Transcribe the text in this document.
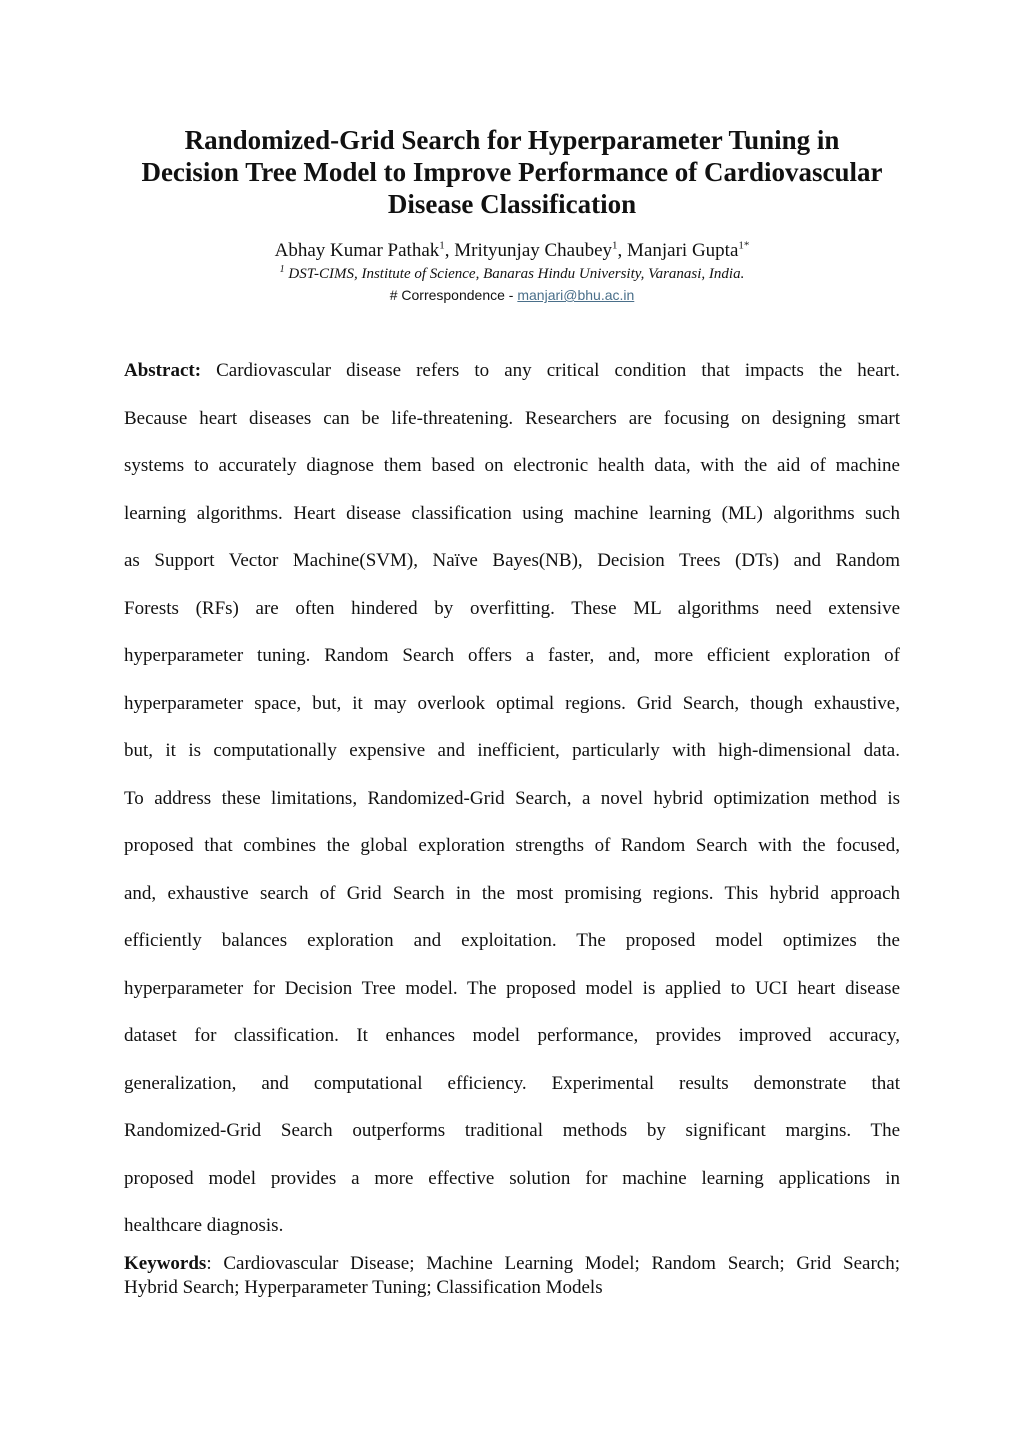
Randomized-Grid Search for Hyperparameter Tuning in
Decision Tree Model to Improve Performance of Cardiovascular
Disease Classification
Abhay Kumar Pathak$^1$, Mrityunjay Chaubey$^1$, Manjari Gupta$^{1*}$
$^1$ DST-CIMS, Institute of Science, Banaras Hindu University, Varanasi, India.
# Correspondence - manjari@bhu.ac.in
Abstract: Cardiovascular disease refers to any critical condition that impacts the heart.
Because heart diseases can be life-threatening. Researchers are focusing on designing smart
systems to accurately diagnose them based on electronic health data, with the aid of machine
learning algorithms. Heart disease classification using machine learning (ML) algorithms such
as Support Vector Machine(SVM), Naïve Bayes(NB), Decision Trees (DTs) and Random
Forests (RFs) are often hindered by overfitting. These ML algorithms need extensive
hyperparameter tuning. Random Search offers a faster, and, more efficient exploration of
hyperparameter space, but, it may overlook optimal regions. Grid Search, though exhaustive,
but, it is computationally expensive and inefficient, particularly with high-dimensional data.
To address these limitations, Randomized-Grid Search, a novel hybrid optimization method is
proposed that combines the global exploration strengths of Random Search with the focused,
and, exhaustive search of Grid Search in the most promising regions. This hybrid approach
efficiently balances exploration and exploitation. The proposed model optimizes the
hyperparameter for Decision Tree model. The proposed model is applied to UCI heart disease
dataset for classification. It enhances model performance, provides improved accuracy,
generalization, and computational efficiency. Experimental results demonstrate that
Randomized-Grid Search outperforms traditional methods by significant margins. The
proposed model provides a more effective solution for machine learning applications in
healthcare diagnosis.
Keywords: Cardiovascular Disease; Machine Learning Model; Random Search; Grid Search;
Hybrid Search; Hyperparameter Tuning; Classification Models
